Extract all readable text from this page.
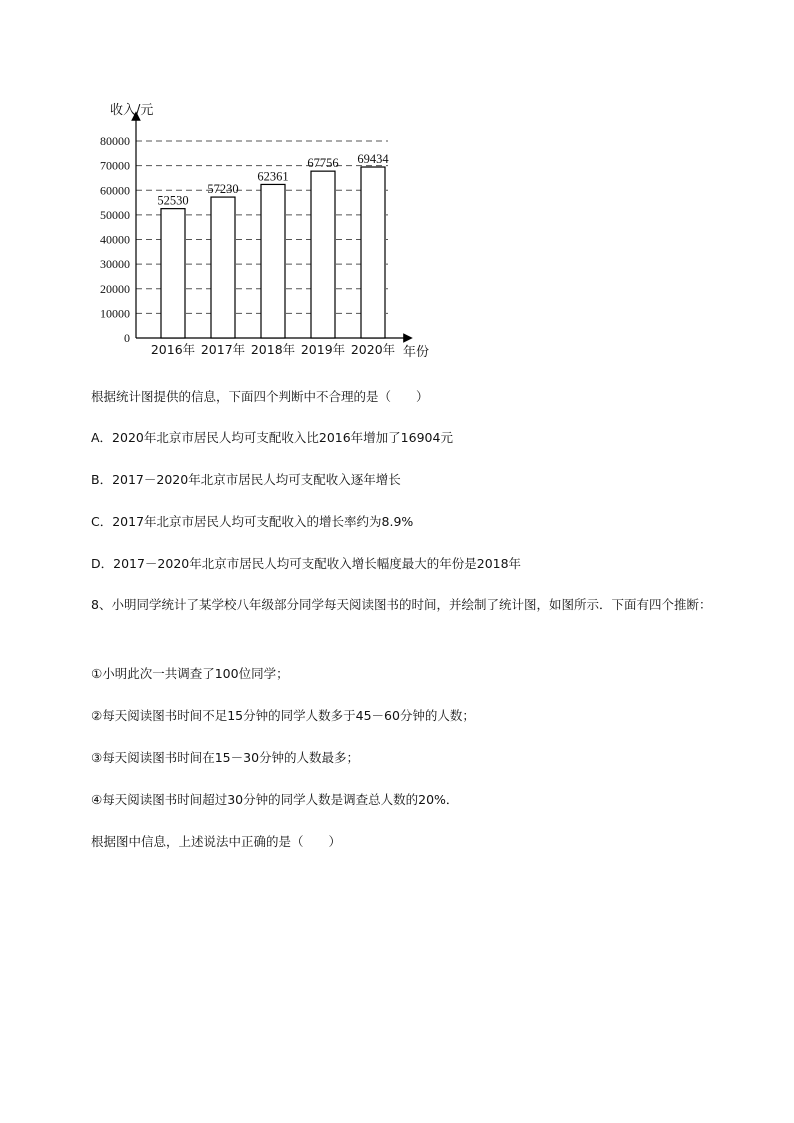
收入/元
年份
0
10000
20000
30000
40000
50000
60000
70000
80000
52530
2016年
57230
2017年
62361
2018年
67756
2019年
69434
2020年
根据统计图提供的信息，下面四个判断中不合理的是（　　）
A．2020年北京市居民人均可支配收入比2016年增加了16904元
B．2017－2020年北京市居民人均可支配收入逐年增长
C．2017年北京市居民人均可支配收入的增长率约为8.9%
D．2017－2020年北京市居民人均可支配收入增长幅度最大的年份是2018年
8、小明同学统计了某学校八年级部分同学每天阅读图书的时间，并绘制了统计图，如图所示．下面有四个推断：
①小明此次一共调查了100位同学；
②每天阅读图书时间不足15分钟的同学人数多于45－60分钟的人数；
③每天阅读图书时间在15－30分钟的人数最多；
④每天阅读图书时间超过30分钟的同学人数是调查总人数的20%．
根据图中信息，上述说法中正确的是（　　）
